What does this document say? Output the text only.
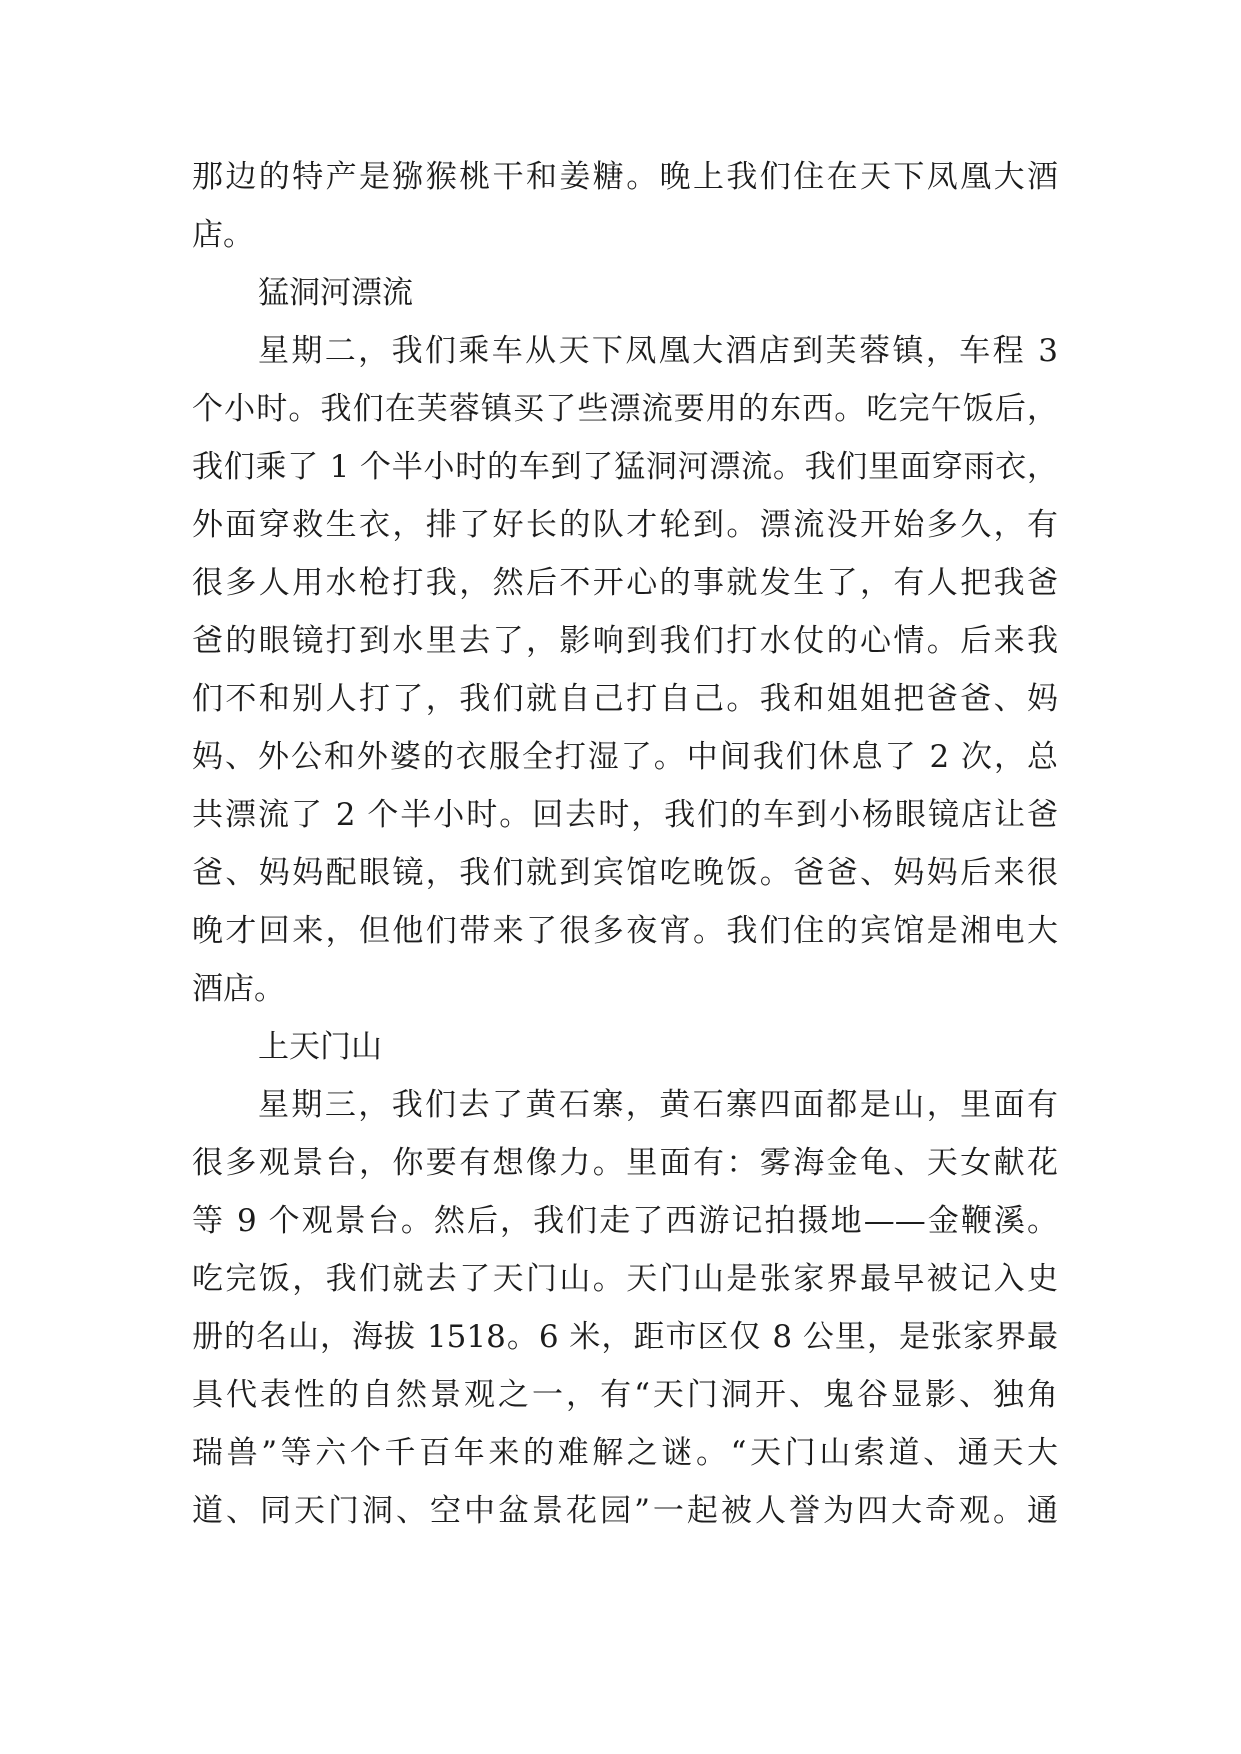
那边的特产是猕猴桃干和姜糖。晚上我们住在天下凤凰大酒
店。
猛洞河漂流
星期二，我们乘车从天下凤凰大酒店到芙蓉镇，车程 3
个小时。我们在芙蓉镇买了些漂流要用的东西。吃完午饭后，
我们乘了 1 个半小时的车到了猛洞河漂流。我们里面穿雨衣，
外面穿救生衣，排了好长的队才轮到。漂流没开始多久，有
很多人用水枪打我，然后不开心的事就发生了，有人把我爸
爸的眼镜打到水里去了，影响到我们打水仗的心情。后来我
们不和别人打了，我们就自己打自己。我和姐姐把爸爸、妈
妈、外公和外婆的衣服全打湿了。中间我们休息了 2 次，总
共漂流了 2 个半小时。回去时，我们的车到小杨眼镜店让爸
爸、妈妈配眼镜，我们就到宾馆吃晚饭。爸爸、妈妈后来很
晚才回来，但他们带来了很多夜宵。我们住的宾馆是湘电大
酒店。
上天门山
星期三，我们去了黄石寨，黄石寨四面都是山，里面有
很多观景台，你要有想像力。里面有：雾海金龟、天女献花
等 9 个观景台。然后，我们走了西游记拍摄地——金鞭溪。
吃完饭，我们就去了天门山。天门山是张家界最早被记入史
册的名山，海拔 1518。6 米，距市区仅 8 公里，是张家界最
具代表性的自然景观之一，有“天门洞开、鬼谷显影、独角
瑞兽”等六个千百年来的难解之谜。“天门山索道、通天大
道、同天门洞、空中盆景花园”一起被人誉为四大奇观。通
